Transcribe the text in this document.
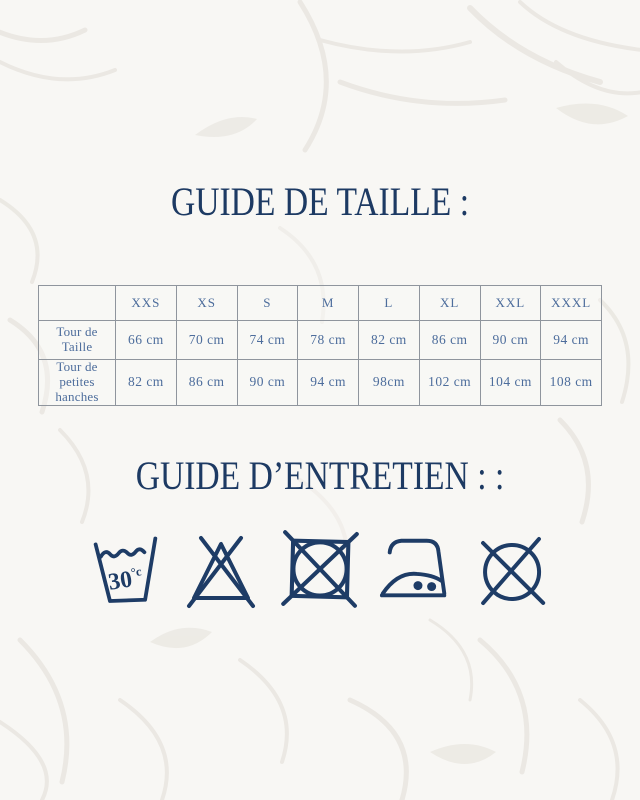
GUIDE DE TAILLE :
	XXS	XS	S	M	L	XL	XXL	XXXL
Tour de Taille	66 cm	70 cm	74 cm	78 cm	82 cm	86 cm	90 cm	94 cm
Tour de petites hanches	82 cm	86 cm	90 cm	94 cm	98cm	102 cm	104 cm	108 cm
GUIDE D’ENTRETIEN : :
$30^{^\circ c}$
